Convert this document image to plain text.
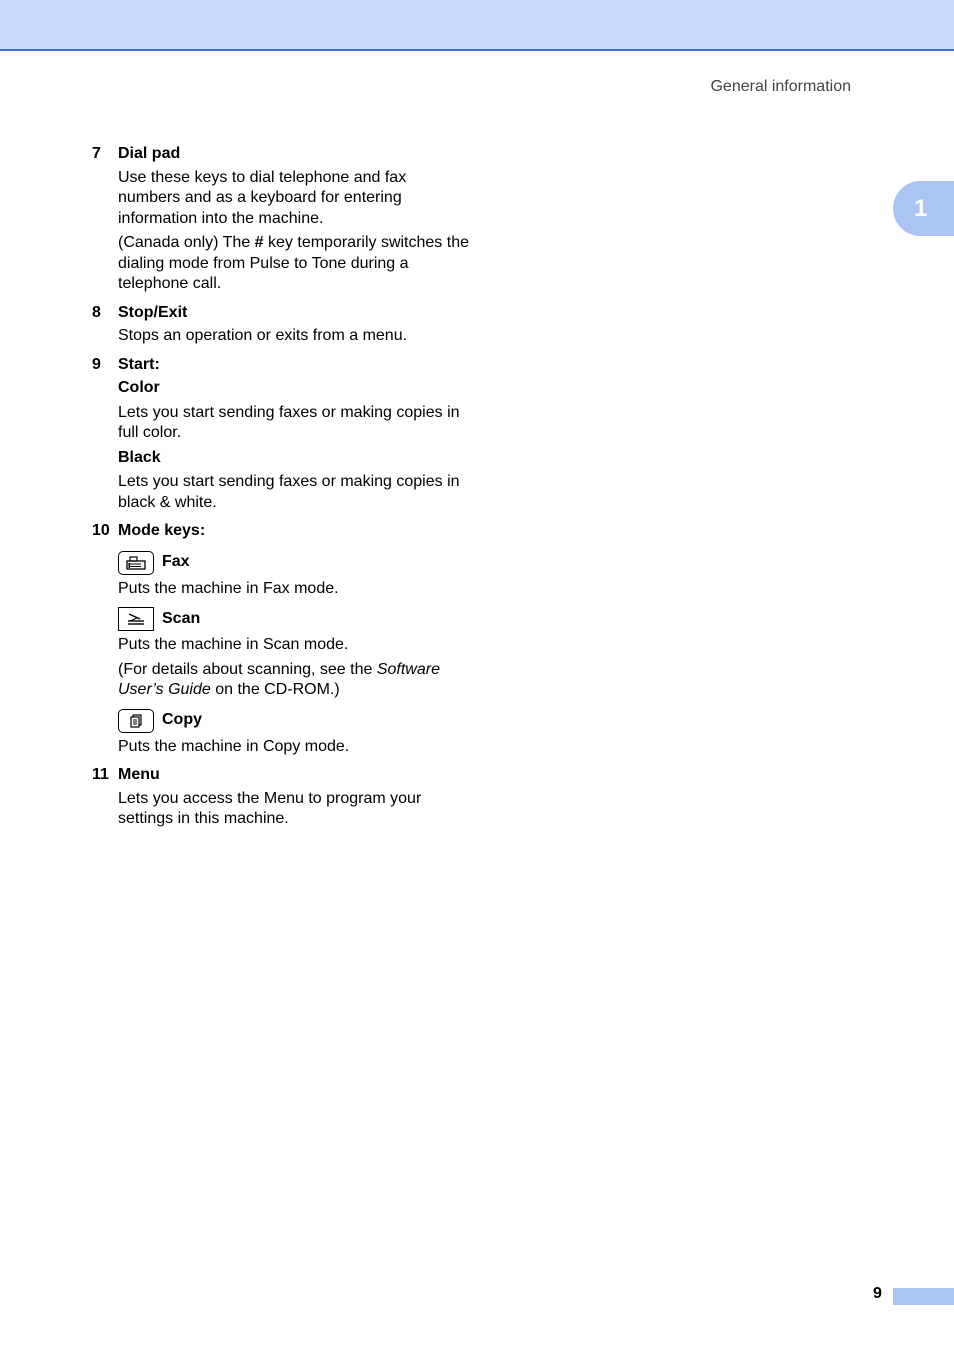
General information
1
7	Dial pad
Use these keys to dial telephone and fax numbers and as a keyboard for entering information into the machine.
(Canada only) The # key temporarily switches the dialing mode from Pulse to Tone during a telephone call.
8	Stop/Exit
Stops an operation or exits from a menu.
9	Start:
Color
Lets you start sending faxes or making copies in full color.
Black
Lets you start sending faxes or making copies in black & white.
10 Mode keys:
Fax
Puts the machine in Fax mode.
Scan
Puts the machine in Scan mode.
(For details about scanning, see the Software User’s Guide on the CD-ROM.)
Copy
Puts the machine in Copy mode.
11 Menu
Lets you access the Menu to program your settings in this machine.
9
